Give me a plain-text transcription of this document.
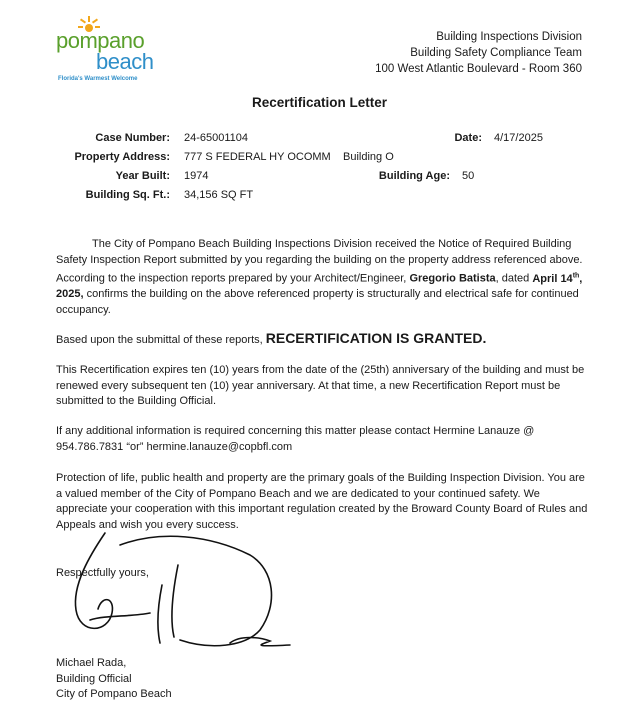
pompano
beach
Florida's Warmest Welcome
Building Inspections Division
Building Safety Compliance Team
100 West Atlantic Boulevard - Room 360
Recertification Letter
Case Number: 24-65001104	Date: 4/17/2025
Property Address: 777 S FEDERAL HY OCOMM Building O
Year Built: 1974	Building Age: 50
Building Sq. Ft.: 34,156 SQ FT
The City of Pompano Beach Building Inspections Division received the Notice of Required Building Safety Inspection Report submitted by you regarding the building on the property address referenced above. According to the inspection reports prepared by your Architect/Engineer, Gregorio Batista, dated April 14th, 2025, confirms the building on the above referenced property is structurally and electrical safe for continued occupancy.
Based upon the submittal of these reports, RECERTIFICATION IS GRANTED.
This Recertification expires ten (10) years from the date of the (25th) anniversary of the building and must be renewed every subsequent ten (10) year anniversary. At that time, a new Recertification Report must be submitted to the Building Official.
If any additional information is required concerning this matter please contact Hermine Lanauze @ 954.786.7831 “or” hermine.lanauze@copbfl.com
Protection of life, public health and property are the primary goals of the Building Inspection Division. You are a valued member of the City of Pompano Beach and we are dedicated to your continued safety. We appreciate your cooperation with this important regulation created by the Broward County Board of Rules and Appeals and wish you every success.
Respectfully yours,
Michael Rada,
Building Official
City of Pompano Beach
